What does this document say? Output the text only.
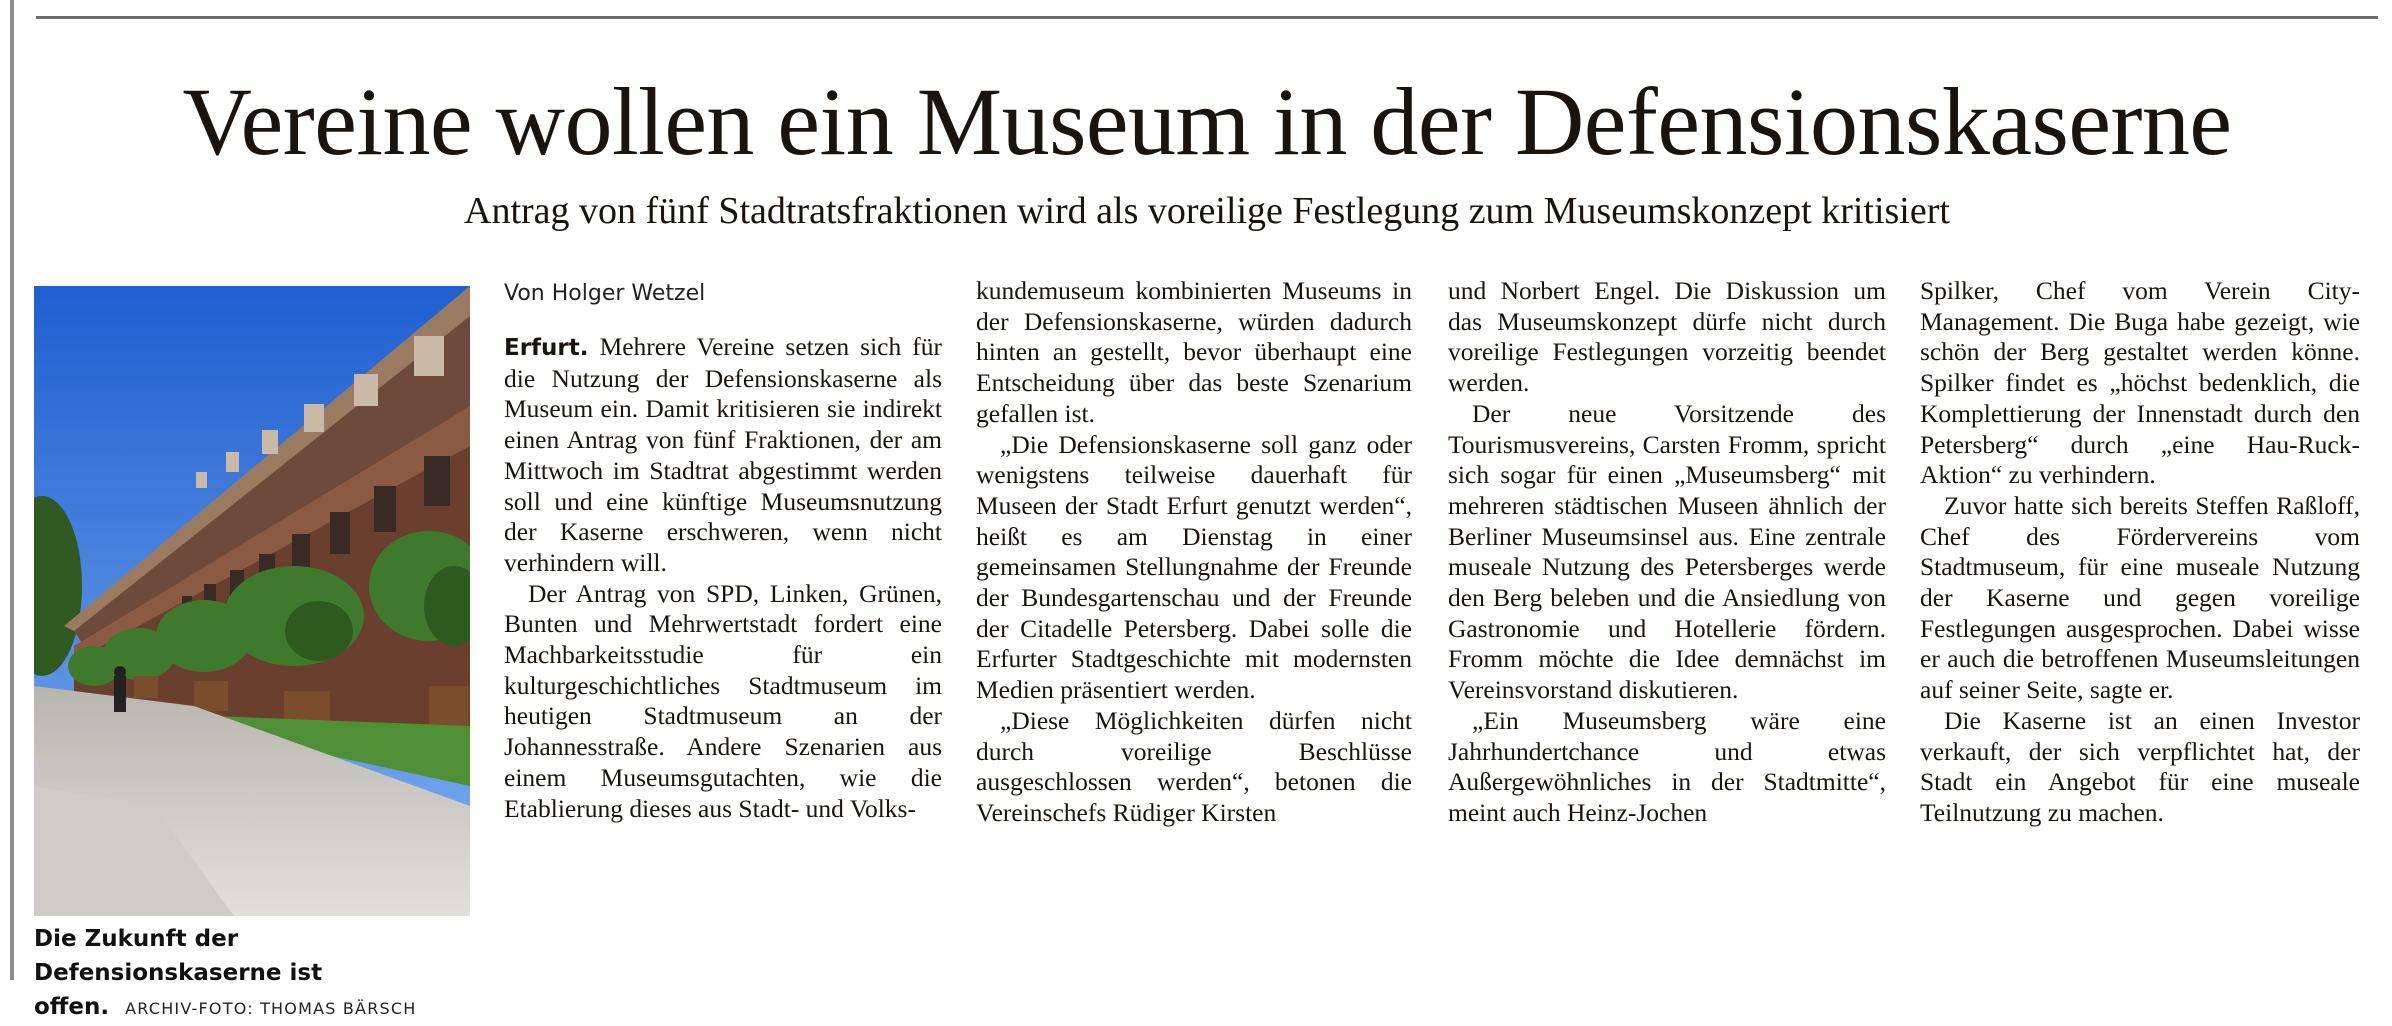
Vereine wollen ein Museum in der Defensionskaserne
Antrag von fünf Stadtratsfraktionen wird als voreilige Festlegung zum Museumskonzept kritisiert
Die Zukunft der Defensionskaserne ist offen. ARCHIV-FOTO: THOMAS BÄRSCH
Von Holger Wetzel

Erfurt. Mehrere Vereine setzen sich für die Nutzung der Defensionskaserne als Museum ein. Damit kritisieren sie indirekt einen Antrag von fünf Fraktionen, der am Mittwoch im Stadtrat abgestimmt werden soll und eine künftige Museumsnutzung der Kaserne erschweren, wenn nicht verhindern will.

Der Antrag von SPD, Linken, Grünen, Bunten und Mehrwertstadt fordert eine Machbarkeitsstudie für ein kulturgeschichtliches Stadtmuseum im heutigen Stadtmuseum an der Johannesstraße. Andere Szenarien aus einem Museumsgutachten, wie die Etablierung dieses aus Stadt- und Volks-

kundemuseum kombinierten Museums in der Defensionskaserne, würden dadurch hinten an gestellt, bevor überhaupt eine Entscheidung über das beste Szenarium gefallen ist.

„Die Defensionskaserne soll ganz oder wenigstens teilweise dauerhaft für Museen der Stadt Erfurt genutzt werden“, heißt es am Dienstag in einer gemeinsamen Stellungnahme der Freunde der Bundesgartenschau und der Freunde der Citadelle Petersberg. Dabei solle die Erfurter Stadtgeschichte mit modernsten Medien präsentiert werden.

„Diese Möglichkeiten dürfen nicht durch voreilige Beschlüsse ausgeschlossen werden“, betonen die Vereinschefs Rüdiger Kirsten

und Norbert Engel. Die Diskussion um das Museumskonzept dürfe nicht durch voreilige Festlegungen vorzeitig beendet werden.

Der neue Vorsitzende des Tourismusvereins, Carsten Fromm, spricht sich sogar für einen „Museumsberg“ mit mehreren städtischen Museen ähnlich der Berliner Museumsinsel aus. Eine zentrale museale Nutzung des Petersberges werde den Berg beleben und die Ansiedlung von Gastronomie und Hotellerie fördern. Fromm möchte die Idee demnächst im Vereinsvorstand diskutieren.

„Ein Museumsberg wäre eine Jahrhundertchance und etwas Außergewöhnliches in der Stadtmitte“, meint auch Heinz-Jochen

Spilker, Chef vom Verein City-Management. Die Buga habe gezeigt, wie schön der Berg gestaltet werden könne. Spilker findet es „höchst bedenklich, die Komplettierung der Innenstadt durch den Petersberg“ durch „eine Hau-Ruck-Aktion“ zu verhindern.

Zuvor hatte sich bereits Steffen Raßloff, Chef des Fördervereins vom Stadtmuseum, für eine museale Nutzung der Kaserne und gegen voreilige Festlegungen ausgesprochen. Dabei wisse er auch die betroffenen Museumsleitungen auf seiner Seite, sagte er.

Die Kaserne ist an einen Investor verkauft, der sich verpflichtet hat, der Stadt ein Angebot für eine museale Teilnutzung zu machen.
